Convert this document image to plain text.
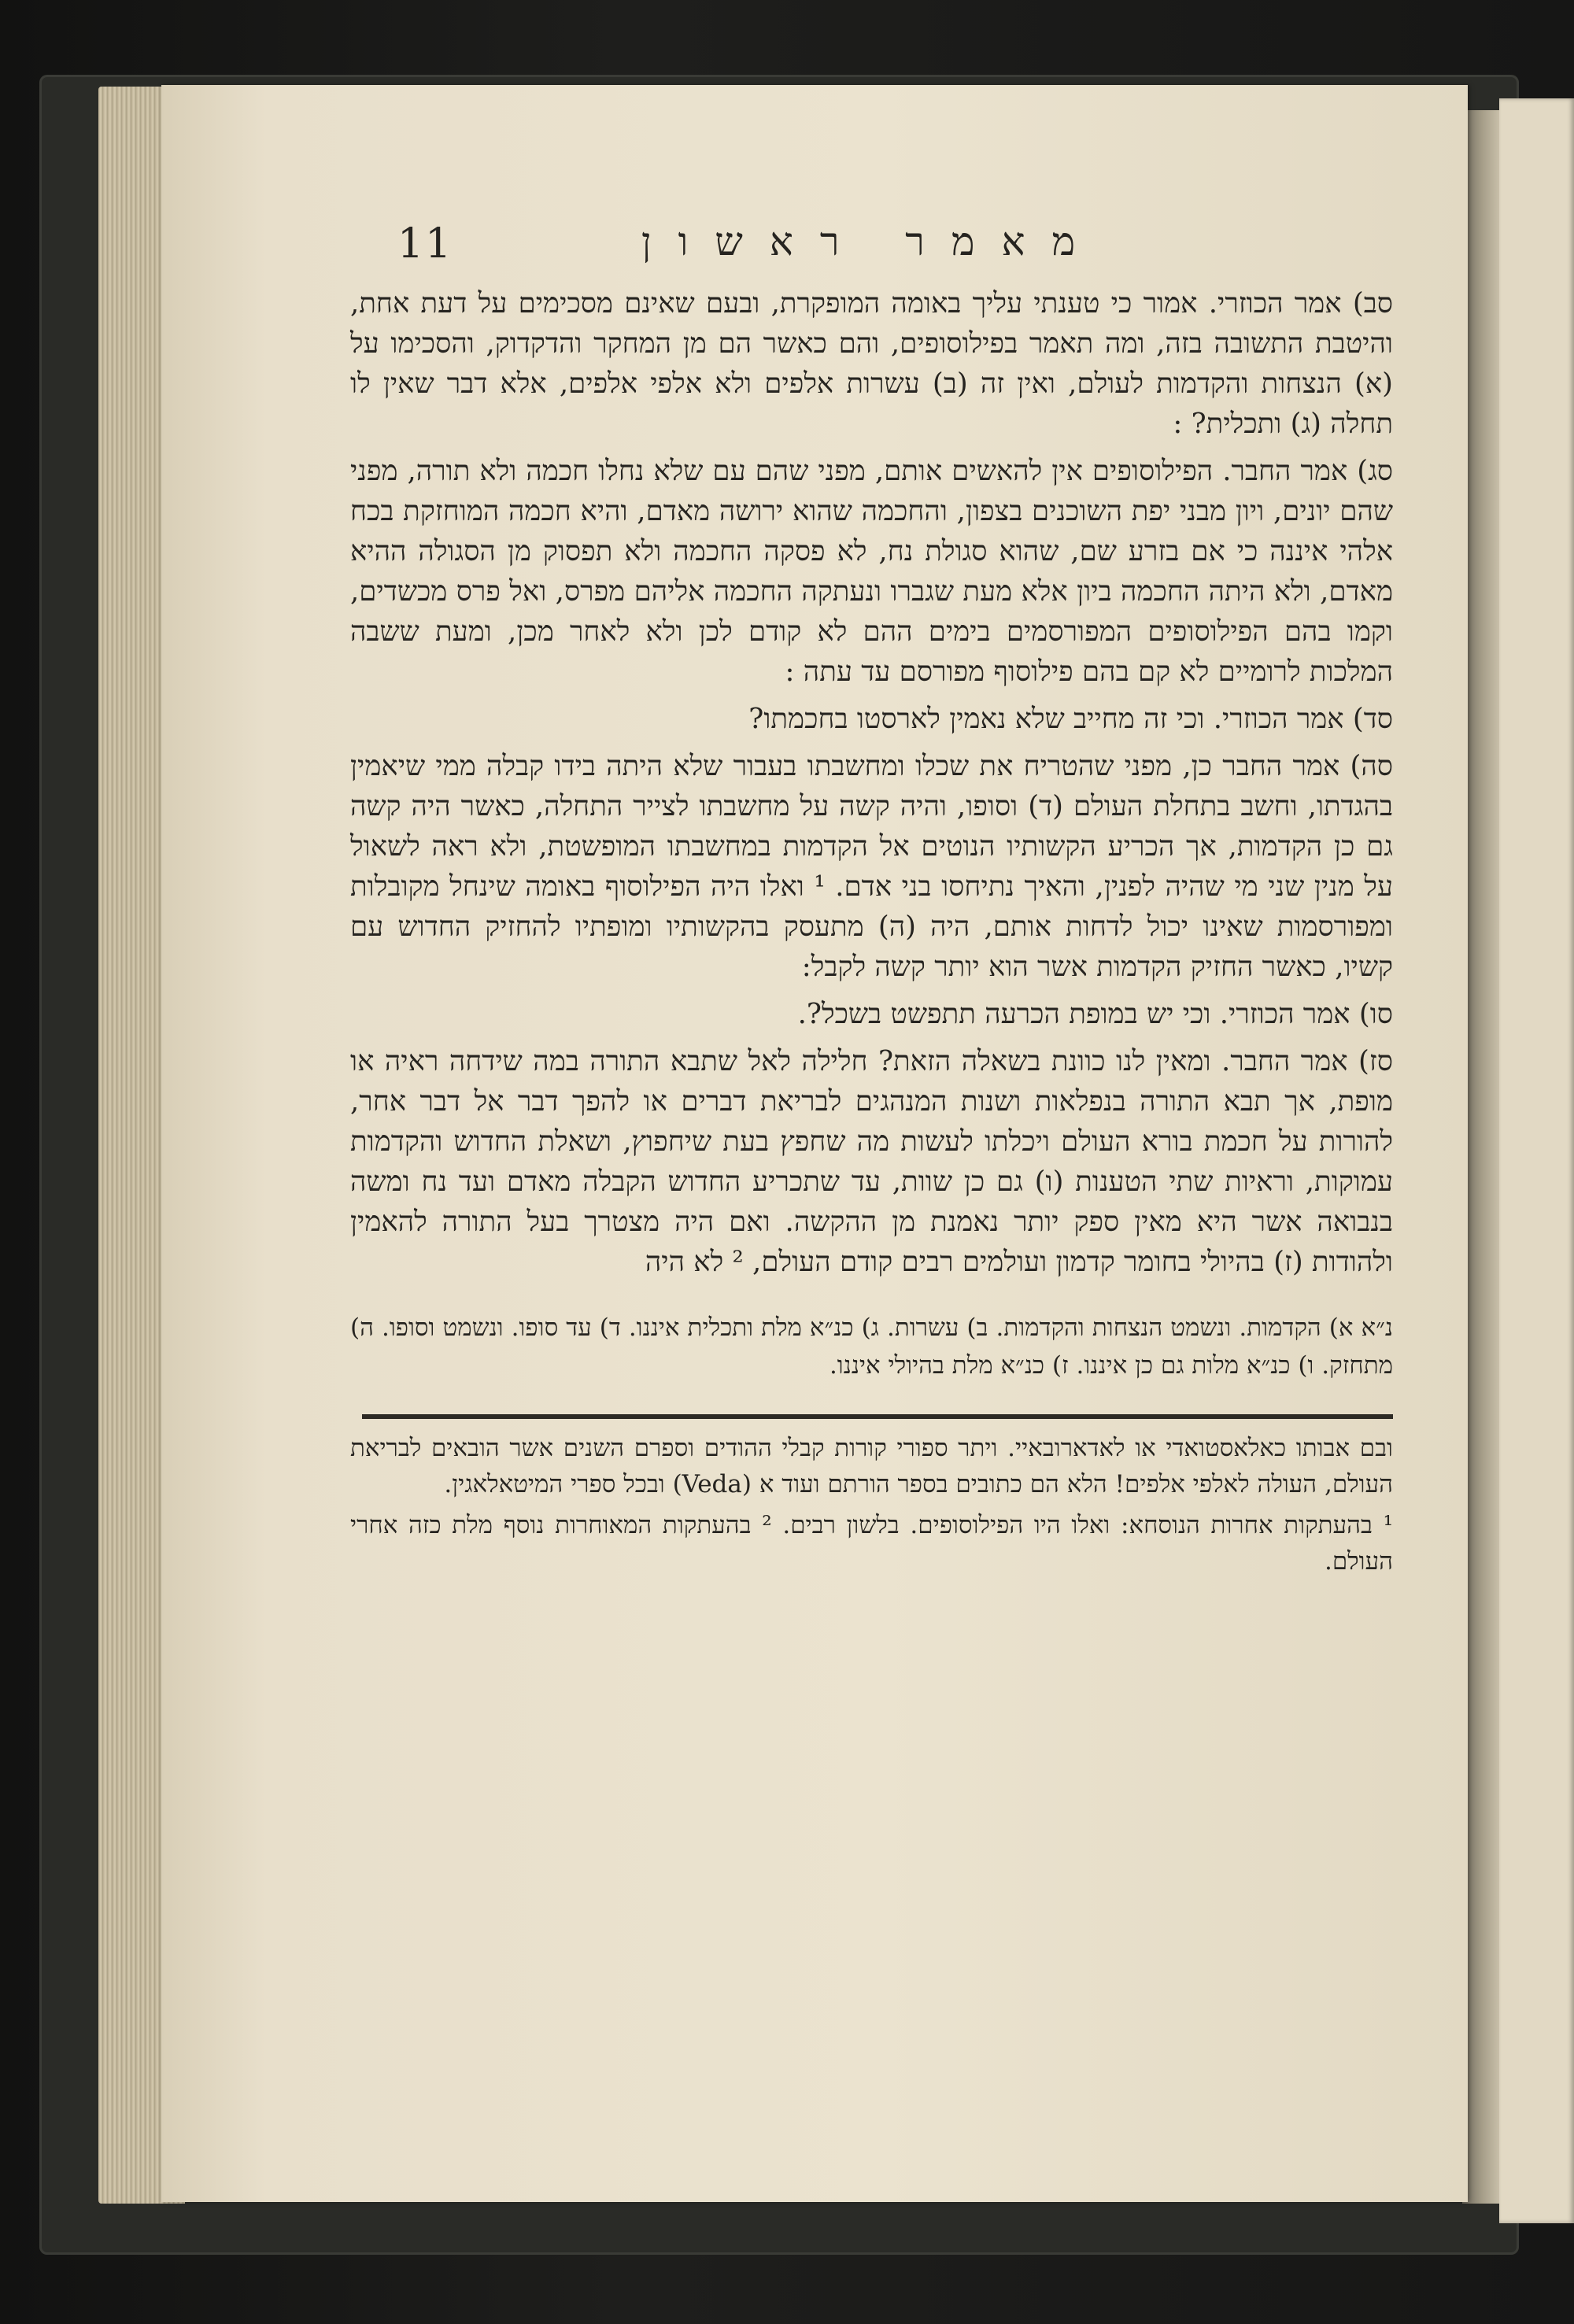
11	מאמר ראשון

סב) אמר הכוזרי. אמור כי טענתי עליך באומה המופקרת, ובעם שאינם מסכימים על דעת אחת, והיטבת התשובה בזה, ומה תאמר בפילוסופים, והם כאשר הם מן המחקר והדקדוק, והסכימו על (א) הנצחות והקדמות לעולם, ואין זה (ב) עשרות אלפים ולא אלפי אלפים, אלא דבר שאין לו תחלה (ג) ותכלית? :

סג) אמר החבר. הפילוסופים אין להאשים אותם, מפני שהם עם שלא נחלו חכמה ולא תורה, מפני שהם יונים, ויון מבני יפת השוכנים בצפון, והחכמה שהוא ירושה מאדם, והיא חכמה המוחזקת בכח אלהי איננה כי אם בזרע שם, שהוא סגולת נח, לא פסקה החכמה ולא תפסוק מן הסגולה ההיא מאדם, ולא היתה החכמה ביון אלא מעת שגברו ונעתקה החכמה אליהם מפרס, ואל פרס מכשדים, וקמו בהם הפילוסופים המפורסמים בימים ההם לא קודם לכן ולא לאחר מכן, ומעת ששבה המלכות לרומיים לא קם בהם פילוסוף מפורסם עד עתה :

סד) אמר הכוזרי. וכי זה מחייב שלא נאמין לארסטו בחכמתו?

סה) אמר החבר כן, מפני שהטריח את שכלו ומחשבתו בעבור שלא היתה בידו קבלה ממי שיאמין בהגדתו, וחשב בתחלת העולם (ד) וסופו, והיה קשה על מחשבתו לצייר התחלה, כאשר היה קשה גם כן הקדמות, אך הכריע הקשותיו הנוטים אל הקדמות במחשבתו המופשטת, ולא ראה לשאול על מנין שני מי שהיה לפנין, והאיך נתיחסו בני אדם. ¹ ואלו היה הפילוסוף באומה שינחל מקובלות ומפורסמות שאינו יכול לדחות אותם, היה (ה) מתעסק בהקשותיו ומופתיו להחזיק החדוש עם קשיו, כאשר החזיק הקדמות אשר הוא יותר קשה לקבל:

סו) אמר הכוזרי. וכי יש במופת הכרעה תתפשט בשכל?.

סז) אמר החבר. ומאין לנו כוונת בשאלה הזאת? חלילה לאל שתבא התורה במה שידחה ראיה או מופת, אך תבא התורה בנפלאות ושנות המנהגים לבריאת דברים או להפך דבר אל דבר אחר, להורות על חכמת בורא העולם ויכלתו לעשות מה שחפץ בעת שיחפוץ, ושאלת החדוש והקדמות עמוקות, וראיות שתי הטענות (ו) גם כן שוות, עד שתכריע החדוש הקבלה מאדם ועד נח ומשה בנבואה אשר היא מאין ספק יותר נאמנת מן ההקשה. ואם היה מצטרך בעל התורה להאמין ולהודות (ז) בהיולי בחומר קדמון ועולמים רבים קודם העולם, ² לא היה

נ״א א) הקדמות. ונשמט הנצחות והקדמות. ב) עשרות. ג) כנ״א מלת ותכלית איננו. ד) עד סופו. ונשמט וסופו. ה) מתחזק. ו) כנ״א מלות גם כן איננו. ז) כנ״א מלת בהיולי איננו.

ובם אבותו כאלאסטואדי או לאדארובאיי. ויתר ספורי קורות קבלי ההודים וספרם השנים אשר הובאים לבריאת העולם, העולה לאלפי אלפים! הלא הם כתובים בספר הורתם ועוד א (Veda) ובכל ספרי המיטאלאגין.

¹ בהעתקות אחרות הנוסחא: ואלו היו הפילוסופים. בלשון רבים. ² בהעתקות המאוחרות נוסף מלת כזה אחרי העולם.
